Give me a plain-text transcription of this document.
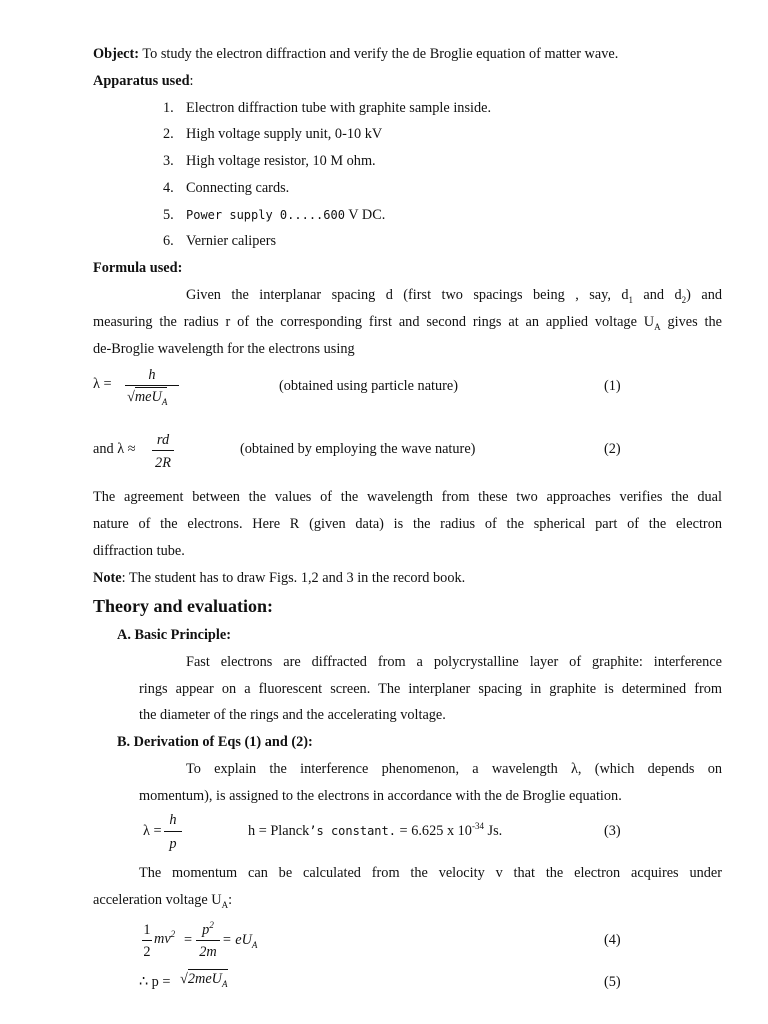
Object: To study the electron diffraction and verify the de Broglie equation of matter wave.
Apparatus used:
1. Electron diffraction tube with graphite sample inside.
2. High voltage supply unit, 0-10 kV
3. High voltage resistor, 10 M ohm.
4. Connecting cards.
5. Power supply 0.....600 V DC.
6. Vernier calipers
Formula used:
Given the interplanar spacing d (first two spacings being , say, $d_1$ and $d_2$) and
measuring the radius r of the corresponding first and second rings at an applied voltage $U_A$ gives the
de-Broglie wavelength for the electrons using
λ =
h
√meU$_A$
(obtained using particle nature)	(1)
and λ ≈
rd
2R
(obtained by employing the wave nature)	(2)
The agreement between the values of the wavelength from these two approaches verifies the dual
nature of the electrons. Here R (given data) is the radius of the spherical part of the electron
diffraction tube.
Note: The student has to draw Figs. 1,2 and 3 in the record book.
Theory and evaluation:
A. Basic Principle:
Fast electrons are diffracted from a polycrystalline layer of graphite: interference
rings appear on a fluorescent screen. The interplaner spacing in graphite is determined from
the diameter of the rings and the accelerating voltage.
B. Derivation of Eqs (1) and (2):
To explain the interference phenomenon, a wavelength λ, (which depends on
momentum), is assigned to the electrons in accordance with the de Broglie equation.
λ =
h
p
h = Planck’s constant. = 6.625 x $10^{-34}$ Js.	(3)
The momentum can be calculated from the velocity v that the electron acquires under
acceleration voltage $U_A$:
1
2
$mv^2$ =
$p^2$
2m
= $eU_A$	(4)
∴ p = √2meU$_A$	(5)
